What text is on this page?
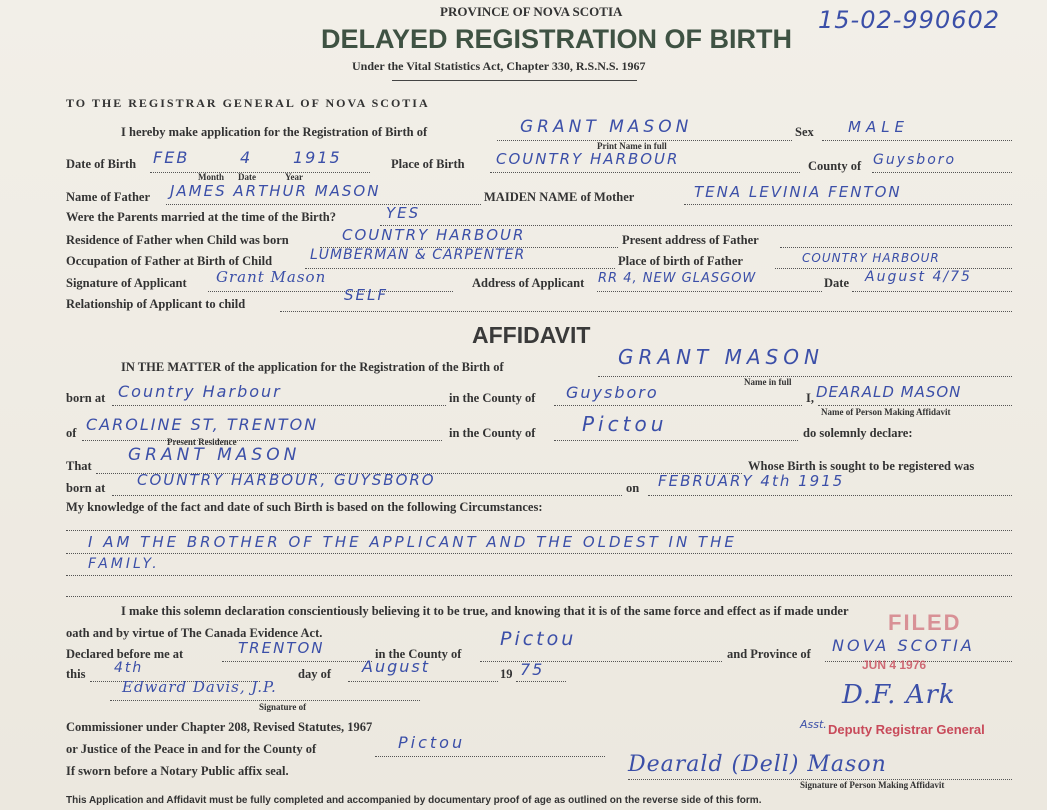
PROVINCE OF NOVA SCOTIA
DELAYED REGISTRATION OF BIRTH
Under the Vital Statistics Act, Chapter 330, R.S.N.S. 1967
15-02-990602
TO THE REGISTRAR GENERAL OF NOVA SCOTIA
I hereby make application for the Registration of Birth of	GRANT MASON
Print Name in full
Sex MALE
Date of Birth FEB	4	1915
Month Date	Year
Place of Birth COUNTRY HARBOUR	County of Guysboro
Name of Father JAMES ARTHUR MASON	MAIDEN NAME of Mother	TENA LEVINIA FENTON
Were the Parents married at the time of the Birth?	YES
Residence of Father when Child was born	COUNTRY HARBOUR	Present address of Father
Occupation of Father at Birth of Child	LUMBERMAN & CARPENTER	Place of birth of Father	COUNTRY HARBOUR
Signature of Applicant Grant Mason	Address of Applicant RR 4, NEW GLASGOW	Date August 4/75
Relationship of Applicant to child	SELF
AFFIDAVIT
IN THE MATTER of the application for the Registration of the Birth of	GRANT MASON
Name in full
born at Country Harbour	in the County of Guysboro	I, DEARALD MASON
Name of Person Making Affidavit
of CAROLINE ST, TRENTON
Present Residence
in the County of Pictou	do solemnly declare:
That
GRANT MASON
Whose Birth is sought to be registered was
born at COUNTRY HARBOUR, GUYSBORO	on FEBRUARY 4th 1915
My knowledge of the fact and date of such Birth is based on the following Circumstances:
I AM THE BROTHER OF THE APPLICANT AND THE OLDEST IN THE
FAMILY.
I make this solemn declaration conscientiously believing it to be true, and knowing that it is of the same force and effect as if made under
oath and by virtue of The Canada Evidence Act.
Declared before me at	TRENTON	in the County of
Pictou
and Province of NOVA SCOTIA
this 4th	day of August	19 75
Edward Davis, J.P.
Signature of
Commissioner under Chapter 208, Revised Statutes, 1967
or Justice of the Peace in and for the County of	Pictou
If sworn before a Notary Public affix seal.	Dearald (Dell) Mason
Signature of Person Making Affidavit
This Application and Affidavit must be fully completed and accompanied by documentary proof of age as outlined on the reverse side of this form.
FILED
JUN 4 1976
D.F. Ark
Asst. Deputy Registrar General
